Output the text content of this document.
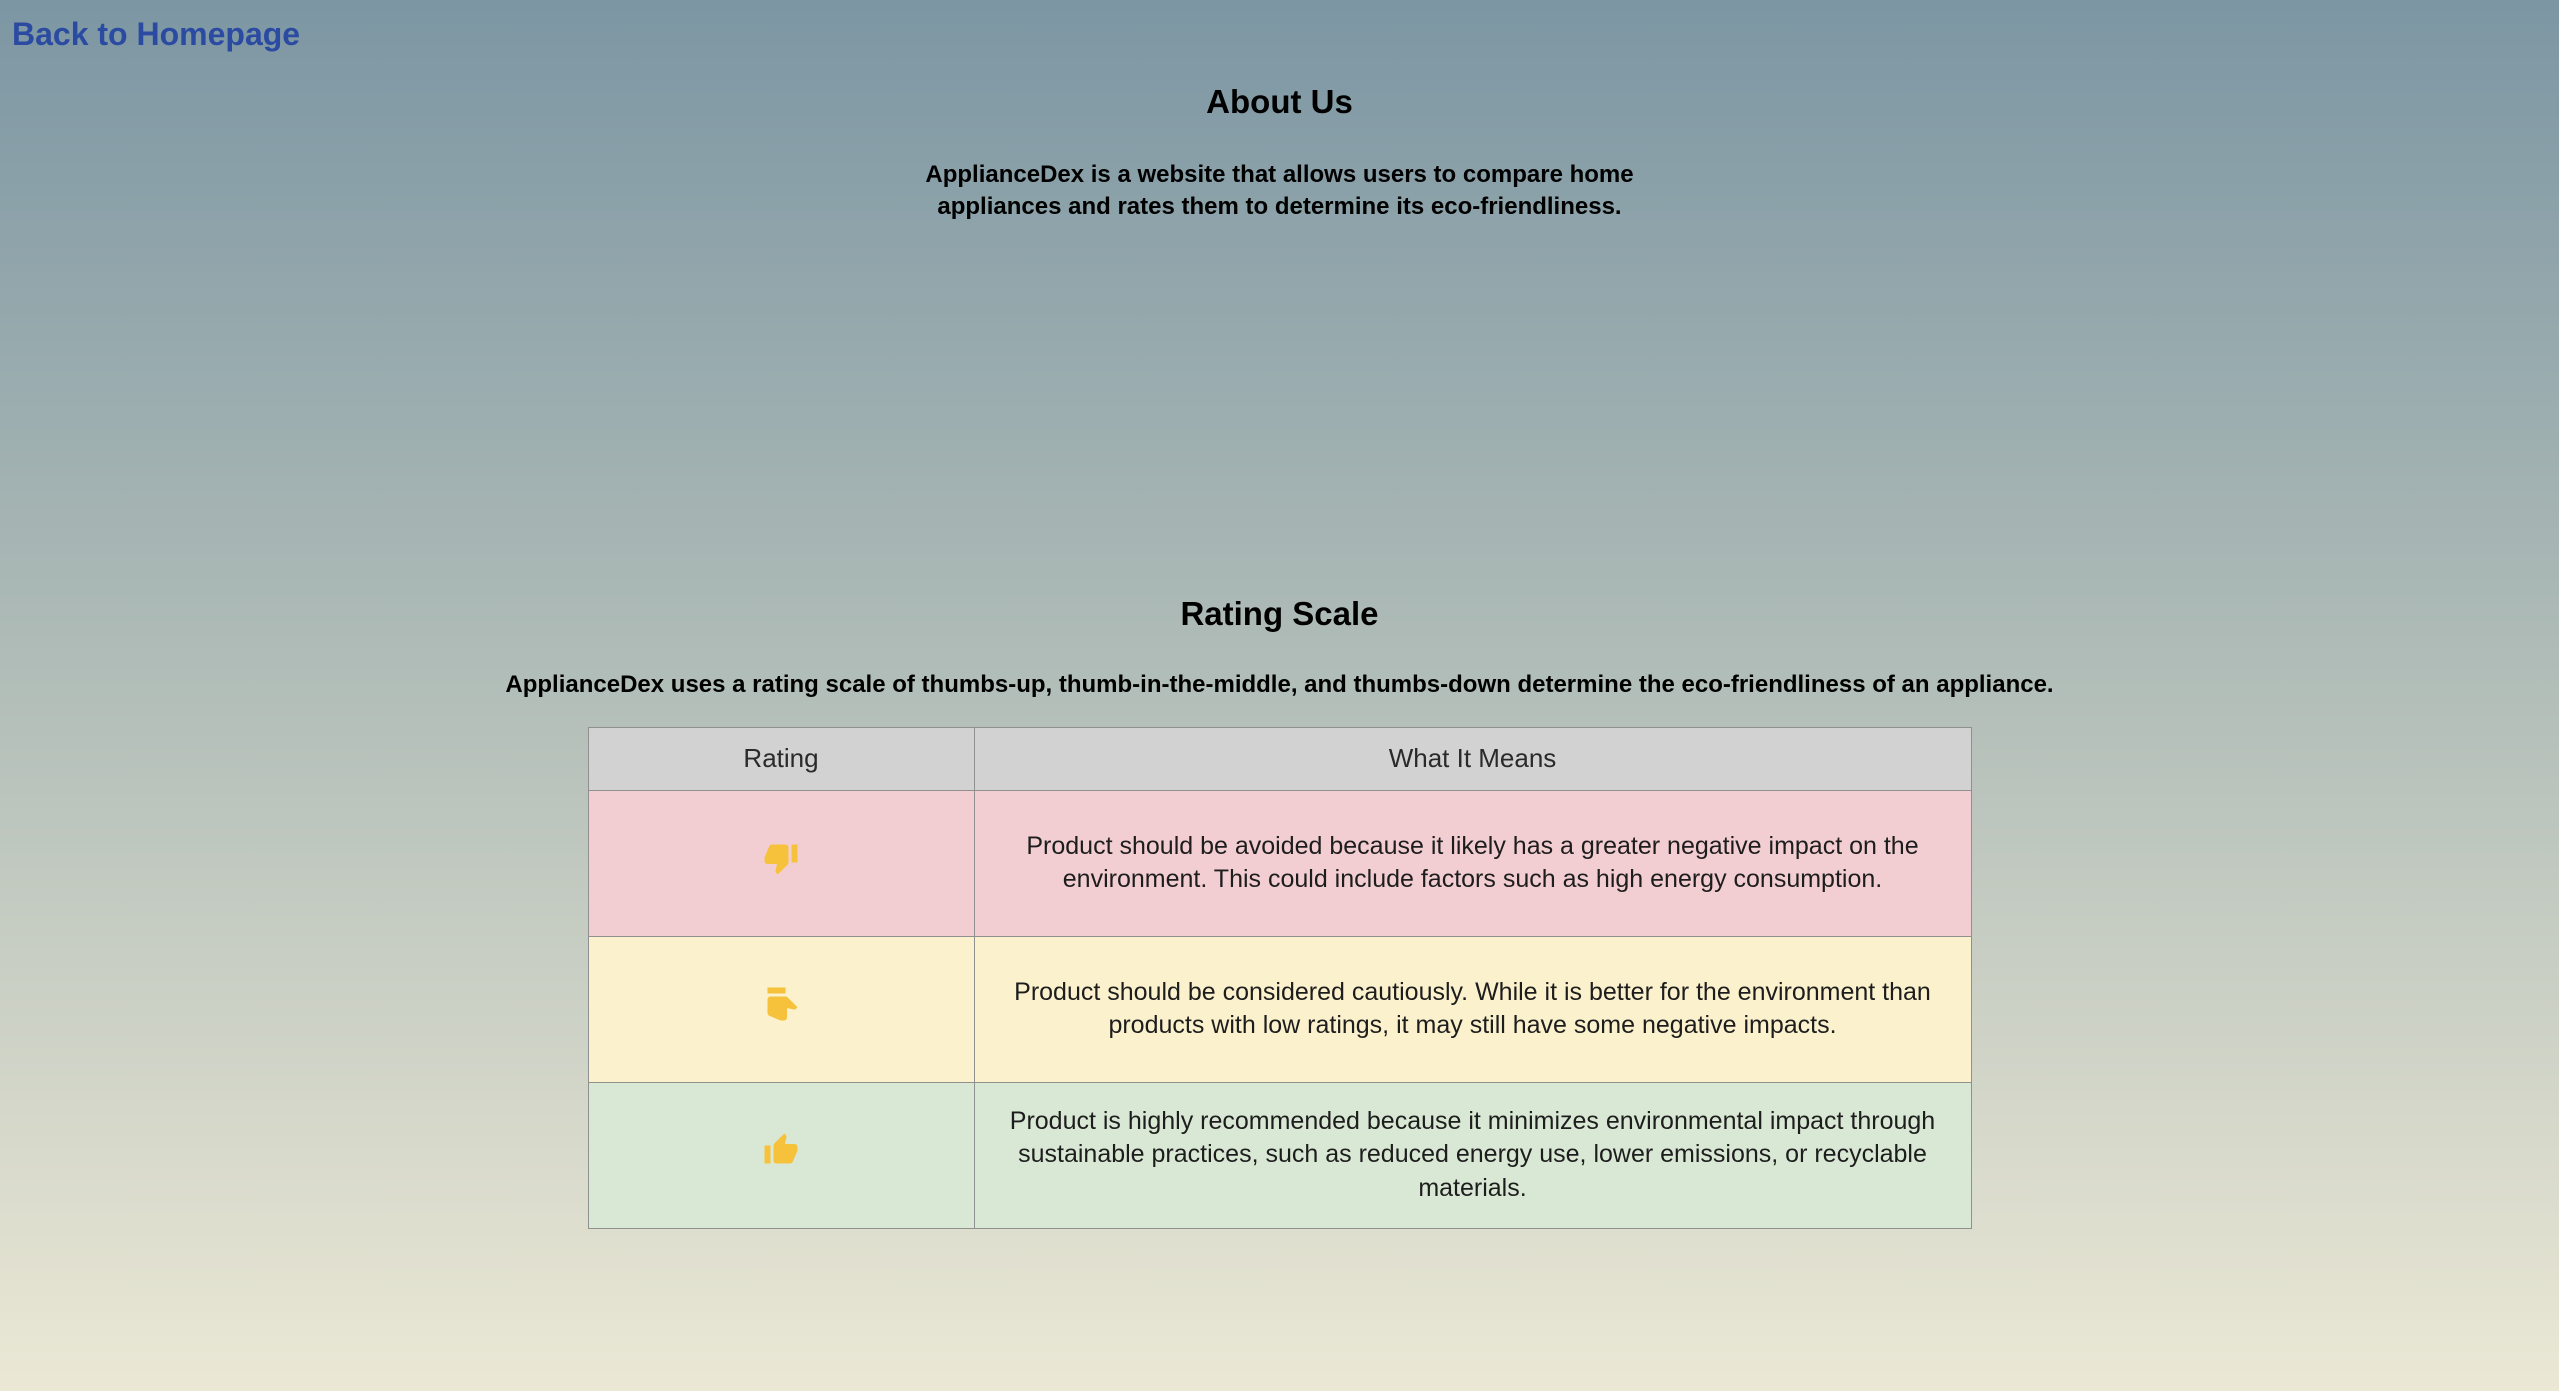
Back to Homepage
About Us

ApplianceDex is a website that allows users to compare home appliances and rates them to determine its eco-friendliness.

Rating Scale

ApplianceDex uses a rating scale of thumbs-up, thumb-in-the-middle, and thumbs-down determine the eco-friendliness of an appliance.

Rating	What It Means
	Product should be avoided because it likely has a greater negative impact on the environment. This could include factors such as high energy consumption.
	Product should be considered cautiously. While it is better for the environment than products with low ratings, it may still have some negative impacts.
	Product is highly recommended because it minimizes environmental impact through sustainable practices, such as reduced energy use, lower emissions, or recyclable materials.
